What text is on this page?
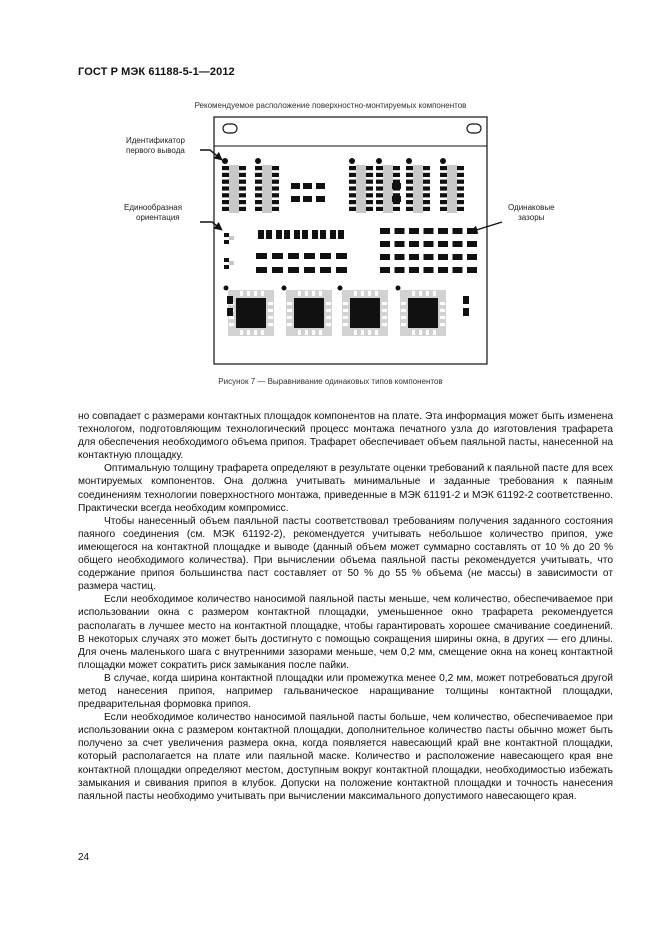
ГОСТ Р МЭК 61188-5-1—2012
Рекомендуемое расположение поверхностно-монтируемых компонентов
Идентификатор
первого вывода
Единообразная
ориентация
Одинаковые
зазоры
Рисунок 7 — Выравнивание одинаковых типов компонентов

но совпадает с размерами контактных площадок компонентов на плате. Эта информация может быть изменена технологом, подготовляющим технологический процесс монтажа печатного узла до изготовления трафарета для обеспечения необходимого объема припоя. Трафарет обеспечивает объем паяльной пасты, нанесенной на контактную площадку.

Оптимальную толщину трафарета определяют в результате оценки требований к паяльной пасте для всех монтируемых компонентов. Она должна учитывать минимальные и заданные требования к паяным соединениям технологии поверхностного монтажа, приведенные в МЭК 61191-2 и МЭК 61192-2 соответственно. Практически всегда необходим компромисс.

Чтобы нанесенный объем паяльной пасты соответствовал требованиям получения заданного состояния паяного соединения (см. МЭК 61192-2), рекомендуется учитывать небольшое количество припоя, уже имеющегося на контактной площадке и выводе (данный объем может суммарно составлять от 10 % до 20 % общего необходимого количества). При вычислении объема паяльной пасты рекомендуется учитывать, что содержание припоя большинства паст составляет от 50 % до 55 % объема (не массы) в зависимости от размера частиц.

Если необходимое количество наносимой паяльной пасты меньше, чем количество, обеспечиваемое при использовании окна с размером контактной площадки, уменьшенное окно трафарета рекомендуется располагать в лучшее место на контактной площадке, чтобы гарантировать хорошее смачивание соединений. В некоторых случаях это может быть достигнуто с помощью сокращения ширины окна, в других — его длины. Для очень маленького шага с внутренними зазорами меньше, чем 0,2 мм, смещение окна на конец контактной площадки может сократить риск замыкания после пайки.

В случае, когда ширина контактной площадки или промежутка менее 0,2 мм, может потребоваться другой метод нанесения припоя, например гальваническое наращивание толщины контактной площадки, предварительная формовка припоя.

Если необходимое количество наносимой паяльной пасты больше, чем количество, обеспечиваемое при использовании окна с размером контактной площадки, дополнительное количество пасты обычно может быть получено за счет увеличения размера окна, когда появляется навесающий край вне контактной площадки, который располагается на плате или паяльной маске. Количество и расположение навесающего края вне контактной площадки определяют местом, доступным вокруг контактной площадки, необходимостью избежать замыкания и свивания припоя в клубок. Допуски на положение контактной площадки и точность нанесения паяльной пасты необходимо учитывать при вычислении максимального допустимого навесающего края.

24
